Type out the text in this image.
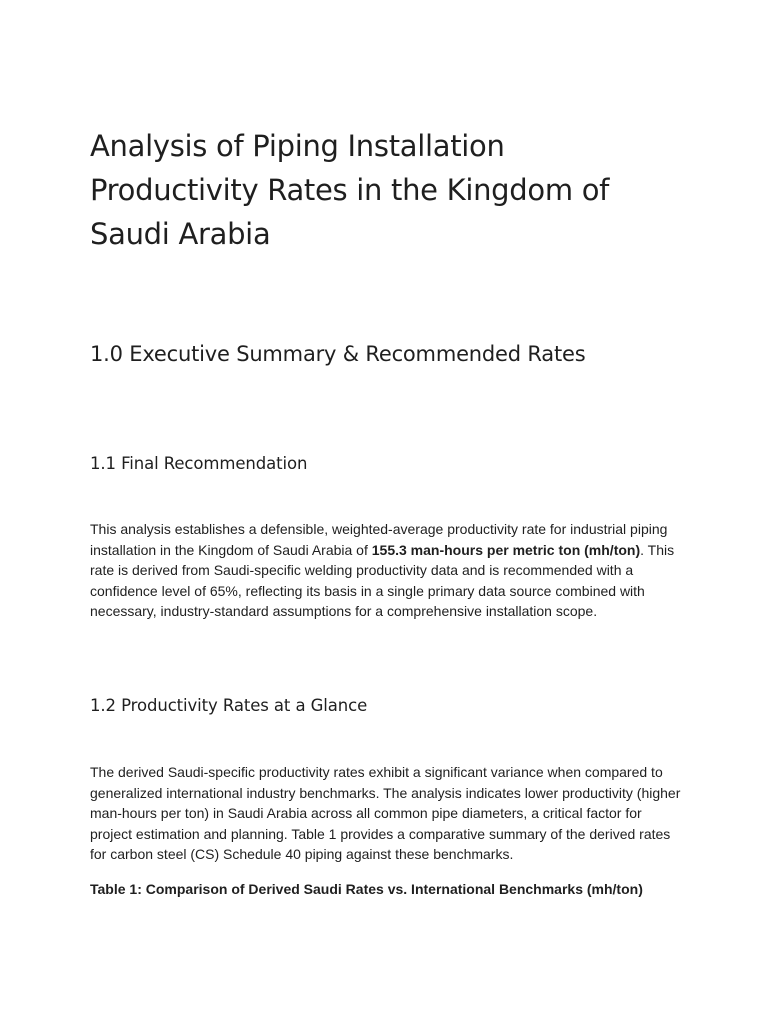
Analysis of Piping Installation Productivity Rates in the Kingdom of Saudi Arabia
1.0 Executive Summary & Recommended Rates
1.1 Final Recommendation

This analysis establishes a defensible, weighted-average productivity rate for industrial piping installation in the Kingdom of Saudi Arabia of 155.3 man-hours per metric ton (mh/ton). This rate is derived from Saudi-specific welding productivity data and is recommended with a confidence level of 65%, reflecting its basis in a single primary data source combined with necessary, industry-standard assumptions for a comprehensive installation scope.

1.2 Productivity Rates at a Glance

The derived Saudi-specific productivity rates exhibit a significant variance when compared to generalized international industry benchmarks. The analysis indicates lower productivity (higher man-hours per ton) in Saudi Arabia across all common pipe diameters, a critical factor for project estimation and planning. Table 1 provides a comparative summary of the derived rates for carbon steel (CS) Schedule 40 piping against these benchmarks.

Table 1: Comparison of Derived Saudi Rates vs. International Benchmarks (mh/ton)
